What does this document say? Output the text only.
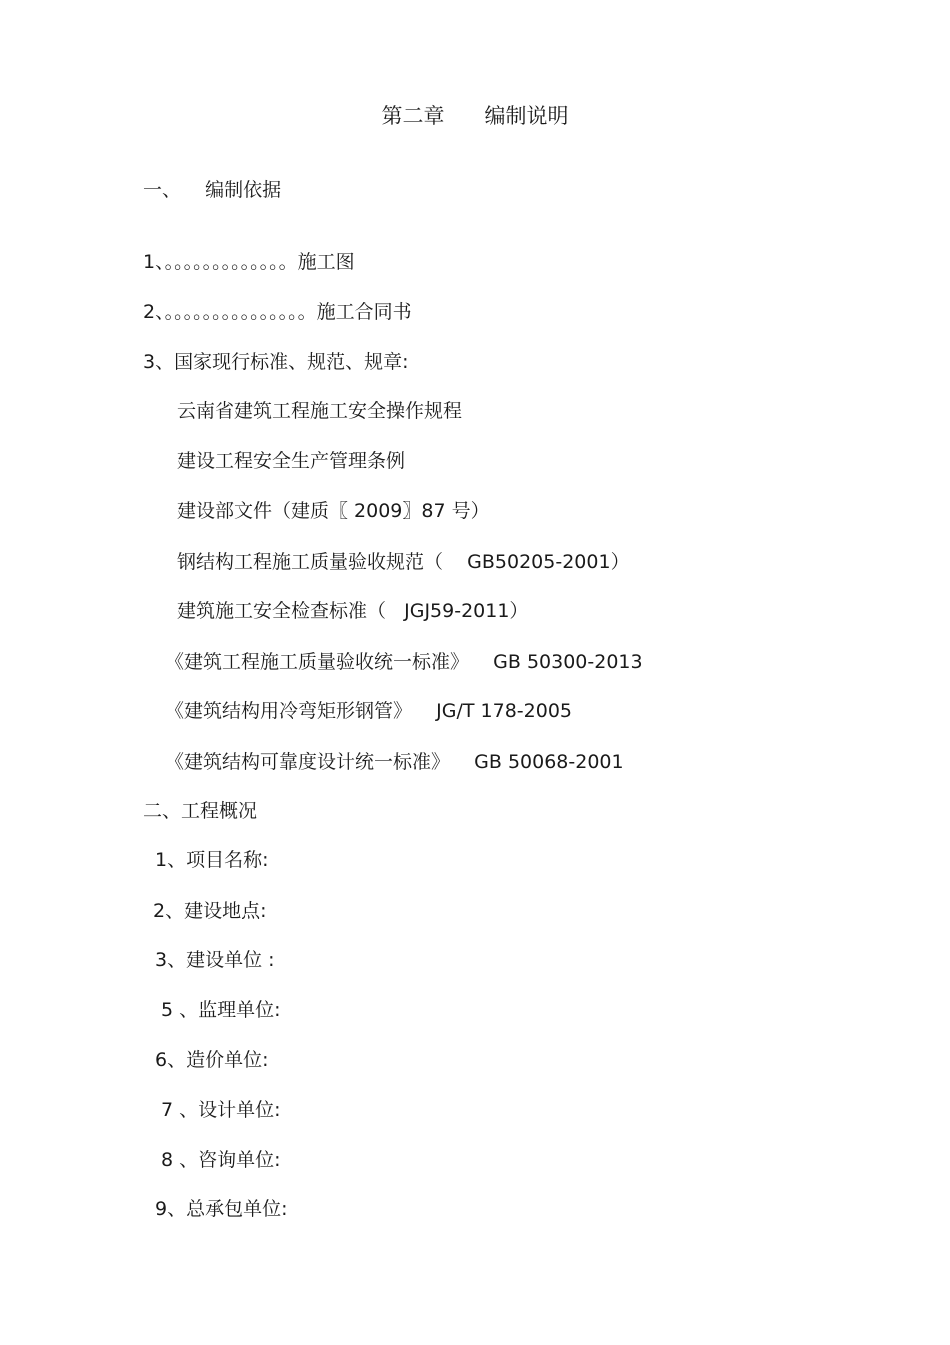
第二章      编制说明
一、    编制依据
1、。。。。。。。。。。。。。施工图
2、。。。。。。。。。。。。。。。施工合同书
3、国家现行标准、规范、规章:
云南省建筑工程施工安全操作规程
建设工程安全生产管理条例
建设部文件（建质〖 2009〗87 号）
钢结构工程施工质量验收规范（    GB50205-2001）
建筑施工安全检查标准（   JGJ59-2011）
《建筑工程施工质量验收统一标准》    GB 50300-2013
《建筑结构用冷弯矩形钢管》    JG/T 178-2005
《建筑结构可靠度设计统一标准》    GB 50068-2001
二、工程概况
1、项目名称:
2、建设地点:
3、建设单位 :
5 、监理单位:
6、造价单位:
7 、设计单位:
8 、咨询单位:
9、总承包单位:
